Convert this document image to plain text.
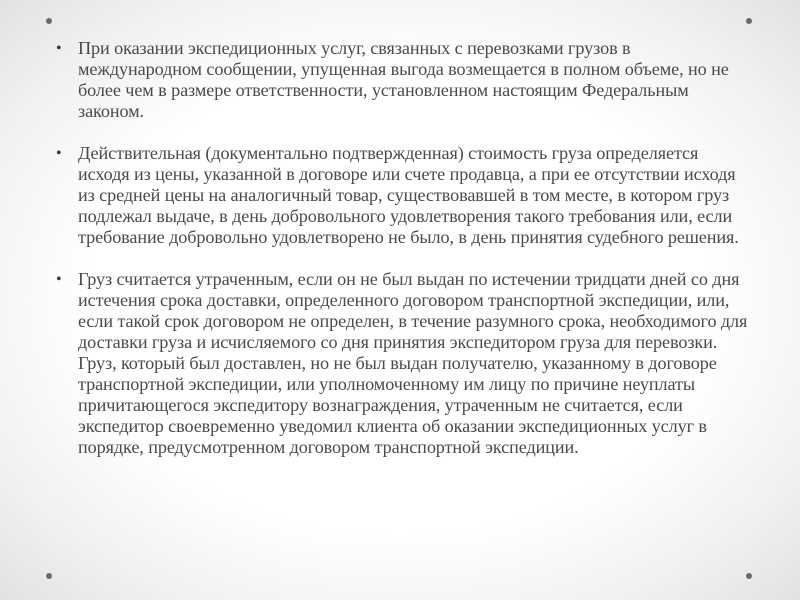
• При оказании экспедиционных услуг, связанных с перевозками грузов в международном сообщении, упущенная выгода возмещается в полном объеме, но не более чем в размере ответственности, установленном настоящим Федеральным законом.
• Действительная (документально подтвержденная) стоимость груза определяется исходя из цены, указанной в договоре или счете продавца, а при ее отсутствии исходя из средней цены на аналогичный товар, существовавшей в том месте, в котором груз подлежал выдаче, в день добровольного удовлетворения такого требования или, если требование добровольно удовлетворено не было, в день принятия судебного решения.
• Груз считается утраченным, если он не был выдан по истечении тридцати дней со дня истечения срока доставки, определенного договором транспортной экспедиции, или, если такой срок договором не определен, в течение разумного срока, необходимого для доставки груза и исчисляемого со дня принятия экспедитором груза для перевозки. Груз, который был доставлен, но не был выдан получателю, указанному в договоре транспортной экспедиции, или уполномоченному им лицу по причине неуплаты причитающегося экспедитору вознаграждения, утраченным не считается, если экспедитор своевременно уведомил клиента об оказании экспедиционных услуг в порядке, предусмотренном договором транспортной экспедиции.
